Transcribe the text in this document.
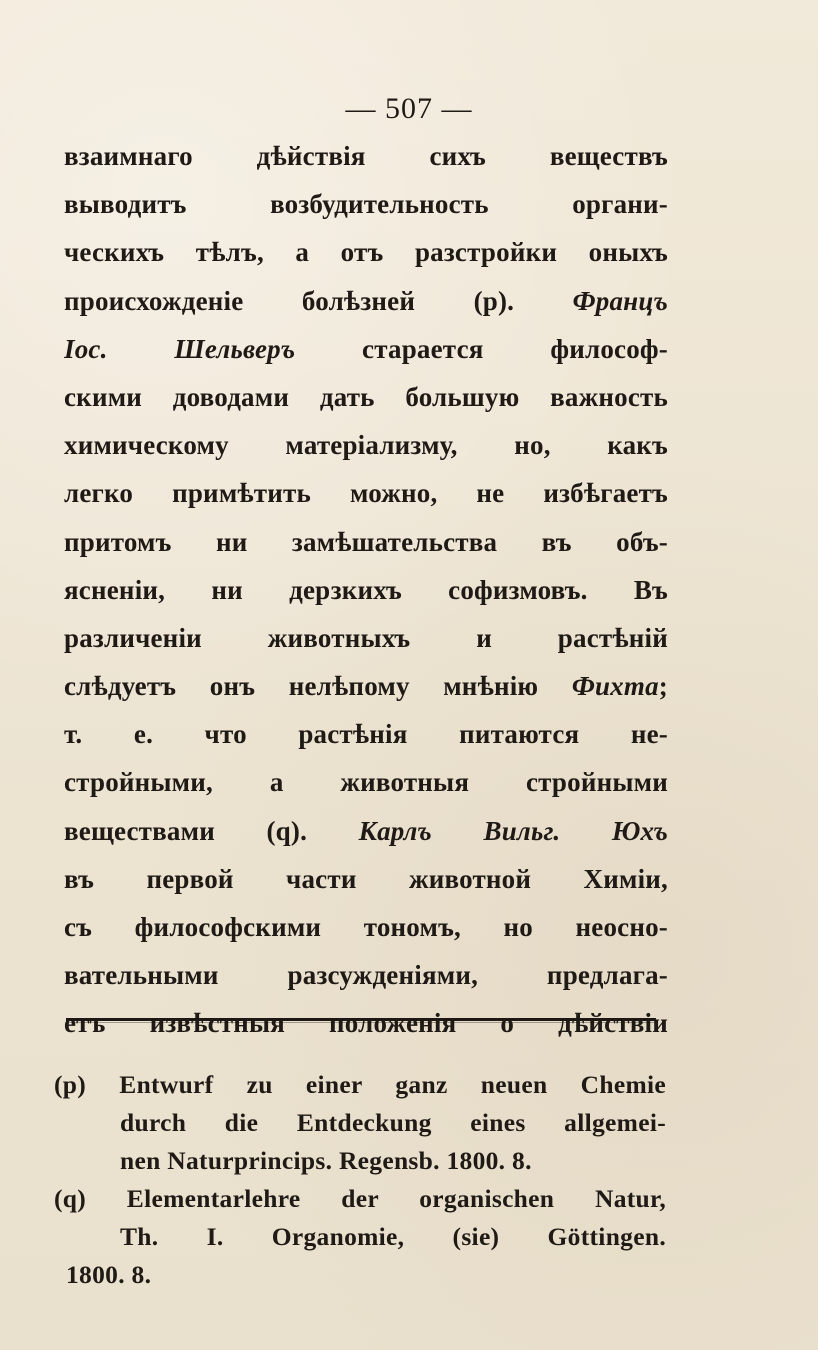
— 507 —
взаимнаго дѣйствія сихъ веществъ
выводитъ возбудительность органи-
ческихъ тѣлъ, а отъ разстройки оныхъ
происхожденіе болѣзней (p). Францъ
Іос. Шельверъ старается философ-
скими доводами дать большую важность
химическому матеріализму, но, какъ
легко примѣтить можно, не избѣгаетъ
притомъ ни замѣшательства въ объ-
ясненіи, ни дерзкихъ софизмовъ. Въ
различеніи животныхъ и растѣній
слѣдуетъ онъ нелѣпому мнѣнію Фихта;
т. е. что растѣнія питаются не-
стройными, а животныя стройными
веществами (q). Карлъ Вильг. Юхъ
въ первой части животной Химіи,
съ философскими тономъ, но неосно-
вательными разсужденіями, предлага-
етъ извѣстныя положенія о дѣйствіи
(p) Entwurf zu einer ganz neuen Chemie
durch die Entdeckung eines allgemei-
nen Naturprincips. Regensb. 1800. 8.
(q) Elementarlehre der organischen Natur,
Th. I. Organomie, (sie) Göttingen.
1800. 8.
